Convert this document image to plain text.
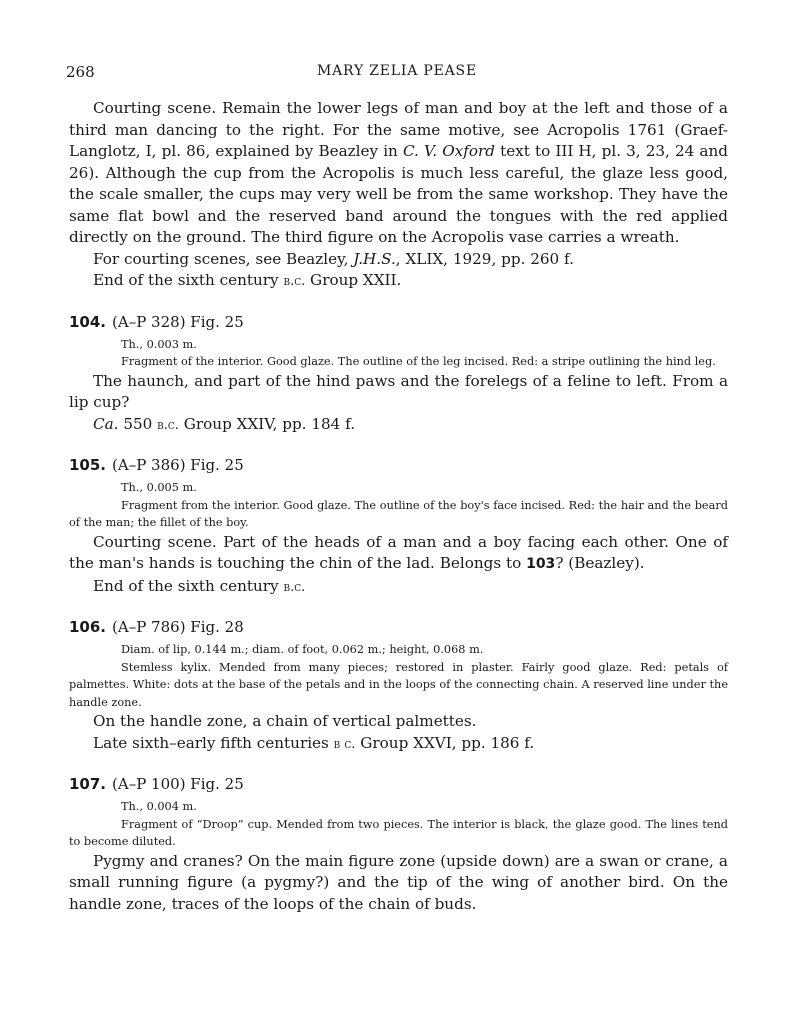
268	MARY ZELIA PEASE

Courting scene. Remain the lower legs of man and boy at the left and those of a third man dancing to the right. For the same motive, see Acropolis 1761 (Graef-Langlotz, I, pl. 86, explained by Beazley in C. V. Oxford text to III H, pl. 3, 23, 24 and 26). Although the cup from the Acropolis is much less careful, the glaze less good, the scale smaller, the cups may very well be from the same workshop. They have the same flat bowl and the reserved band around the tongues with the red applied directly on the ground. The third figure on the Acropolis vase carries a wreath.

For courting scenes, see Beazley, J.H.S., XLIX, 1929, pp. 260 f.

End of the sixth century b.c. Group XXII.

104. (A–P 328) Fig. 25

Th., 0.003 m.

Fragment of the interior. Good glaze. The outline of the leg incised. Red: a stripe outlining the hind leg.

The haunch, and part of the hind paws and the forelegs of a feline to left. From a lip cup?

Ca. 550 b.c. Group XXIV, pp. 184 f.

105. (A–P 386) Fig. 25

Th., 0.005 m.

Fragment from the interior. Good glaze. The outline of the boy's face incised. Red: the hair and the beard of the man; the fillet of the boy.

Courting scene. Part of the heads of a man and a boy facing each other. One of the man's hands is touching the chin of the lad. Belongs to 103? (Beazley).

End of the sixth century b.c.

106. (A–P 786) Fig. 28

Diam. of lip, 0.144 m.; diam. of foot, 0.062 m.; height, 0.068 m.

Stemless kylix. Mended from many pieces; restored in plaster. Fairly good glaze. Red: petals of palmettes. White: dots at the base of the petals and in the loops of the connecting chain. A reserved line under the handle zone.

On the handle zone, a chain of vertical palmettes.

Late sixth–early fifth centuries b c. Group XXVI, pp. 186 f.

107. (A–P 100) Fig. 25

Th., 0.004 m.

Fragment of “Droop” cup. Mended from two pieces. The interior is black, the glaze good. The lines tend to become diluted.

Pygmy and cranes? On the main figure zone (upside down) are a swan or crane, a small running figure (a pygmy?) and the tip of the wing of another bird. On the handle zone, traces of the loops of the chain of buds.
